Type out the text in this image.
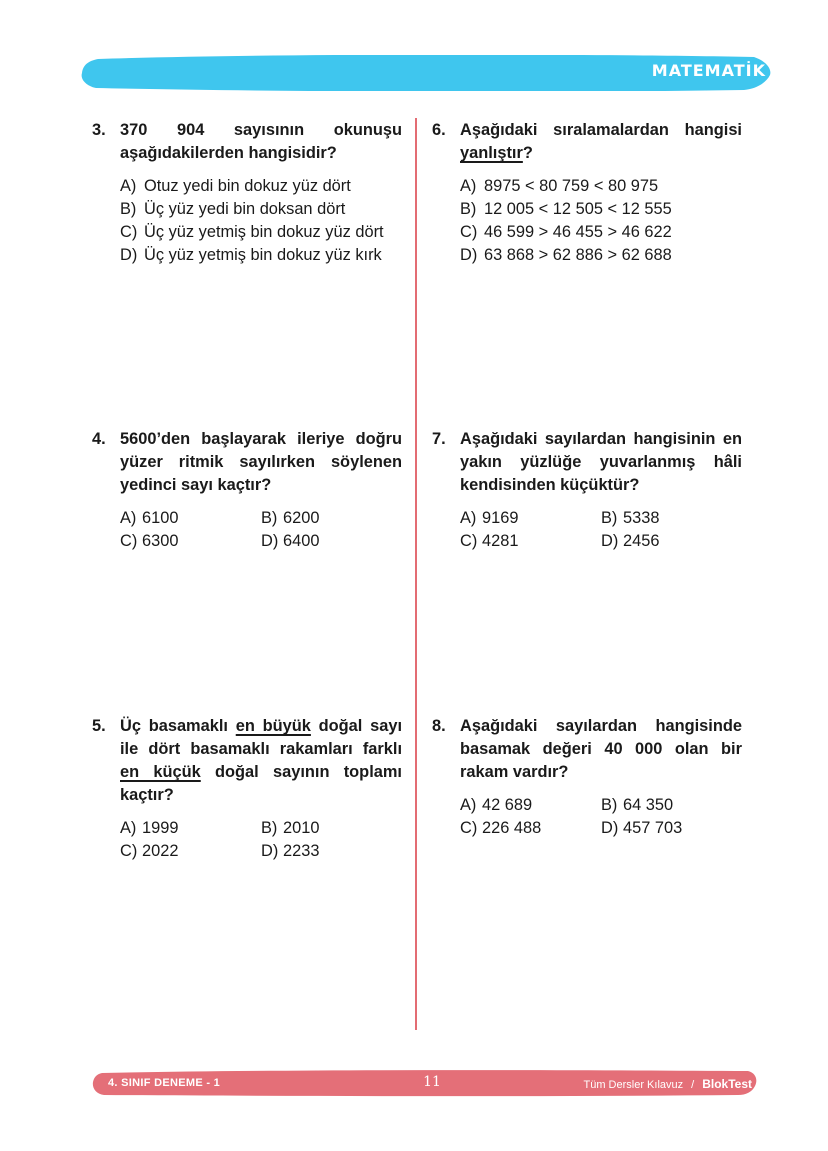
MATEMATİK
3. 370 904 sayısının okunuşu aşağıdakilerden hangisidir?
A) Otuz yedi bin dokuz yüz dört
B) Üç yüz yedi bin doksan dört
C) Üç yüz yetmiş bin dokuz yüz dört
D) Üç yüz yetmiş bin dokuz yüz kırk
4. 5600’den başlayarak ileriye doğru yüzer ritmik sayılırken söylenen yedinci sayı kaçtır?
A) 6100	B) 6200
C) 6300	D) 6400
5. Üç basamaklı en büyük doğal sayı ile dört basamaklı rakamları farklı en küçük doğal sayının toplamı kaçtır?
A) 1999	B) 2010
C) 2022	D) 2233
6. Aşağıdaki sıralamalardan hangisi yanlıştır?
A) 8975 < 80 759 < 80 975
B) 12 005 < 12 505 < 12 555
C) 46 599 > 46 455 > 46 622
D) 63 868 > 62 886 > 62 688
7. Aşağıdaki sayılardan hangisinin en yakın yüzlüğe yuvarlanmış hâli kendisinden küçüktür?
A) 9169	B) 5338
C) 4281	D) 2456
8. Aşağıdaki sayılardan hangisinde basamak değeri 40 000 olan bir rakam vardır?
A) 42 689	B) 64 350
C) 226 488	D) 457 703
4. SINIF DENEME - 1	11	Tüm Dersler Kılavuz / BlokTest
